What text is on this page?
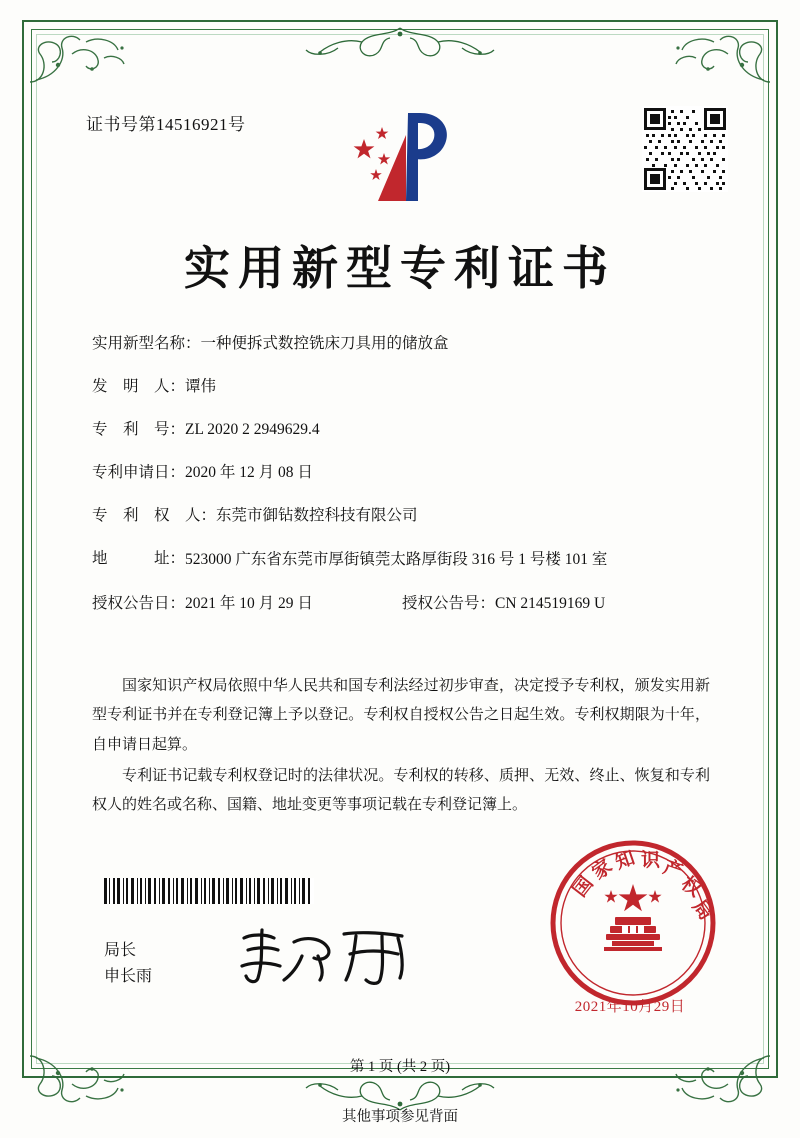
证书号第14516921号
实用新型专利证书
实用新型名称： 一种便拆式数控铣床刀具用的储放盒
发　明　人： 谭伟
专　利　号： ZL 2020 2 2949629.4
专利申请日： 2020 年 12 月 08 日
专　利　权　人： 东莞市御钻数控科技有限公司
地　　　址： 523000 广东省东莞市厚街镇莞太路厚街段 316 号 1 号楼 101 室
授权公告日：2021 年 10 月 29 日	授权公告号：CN 214519169 U

国家知识产权局依照中华人民共和国专利法经过初步审查，决定授予专利权，颁发实用新型专利证书并在专利登记簿上予以登记。专利权自授权公告之日起生效。专利权期限为十年，自申请日起算。

专利证书记载专利权登记时的法律状况。专利权的转移、质押、无效、终止、恢复和专利权人的姓名或名称、国籍、地址变更等事项记载在专利登记簿上。

局长
申长雨
国
家
知 识 产
权
局
2021年10月29日
第 1 页 (共 2 页)
其他事项参见背面
